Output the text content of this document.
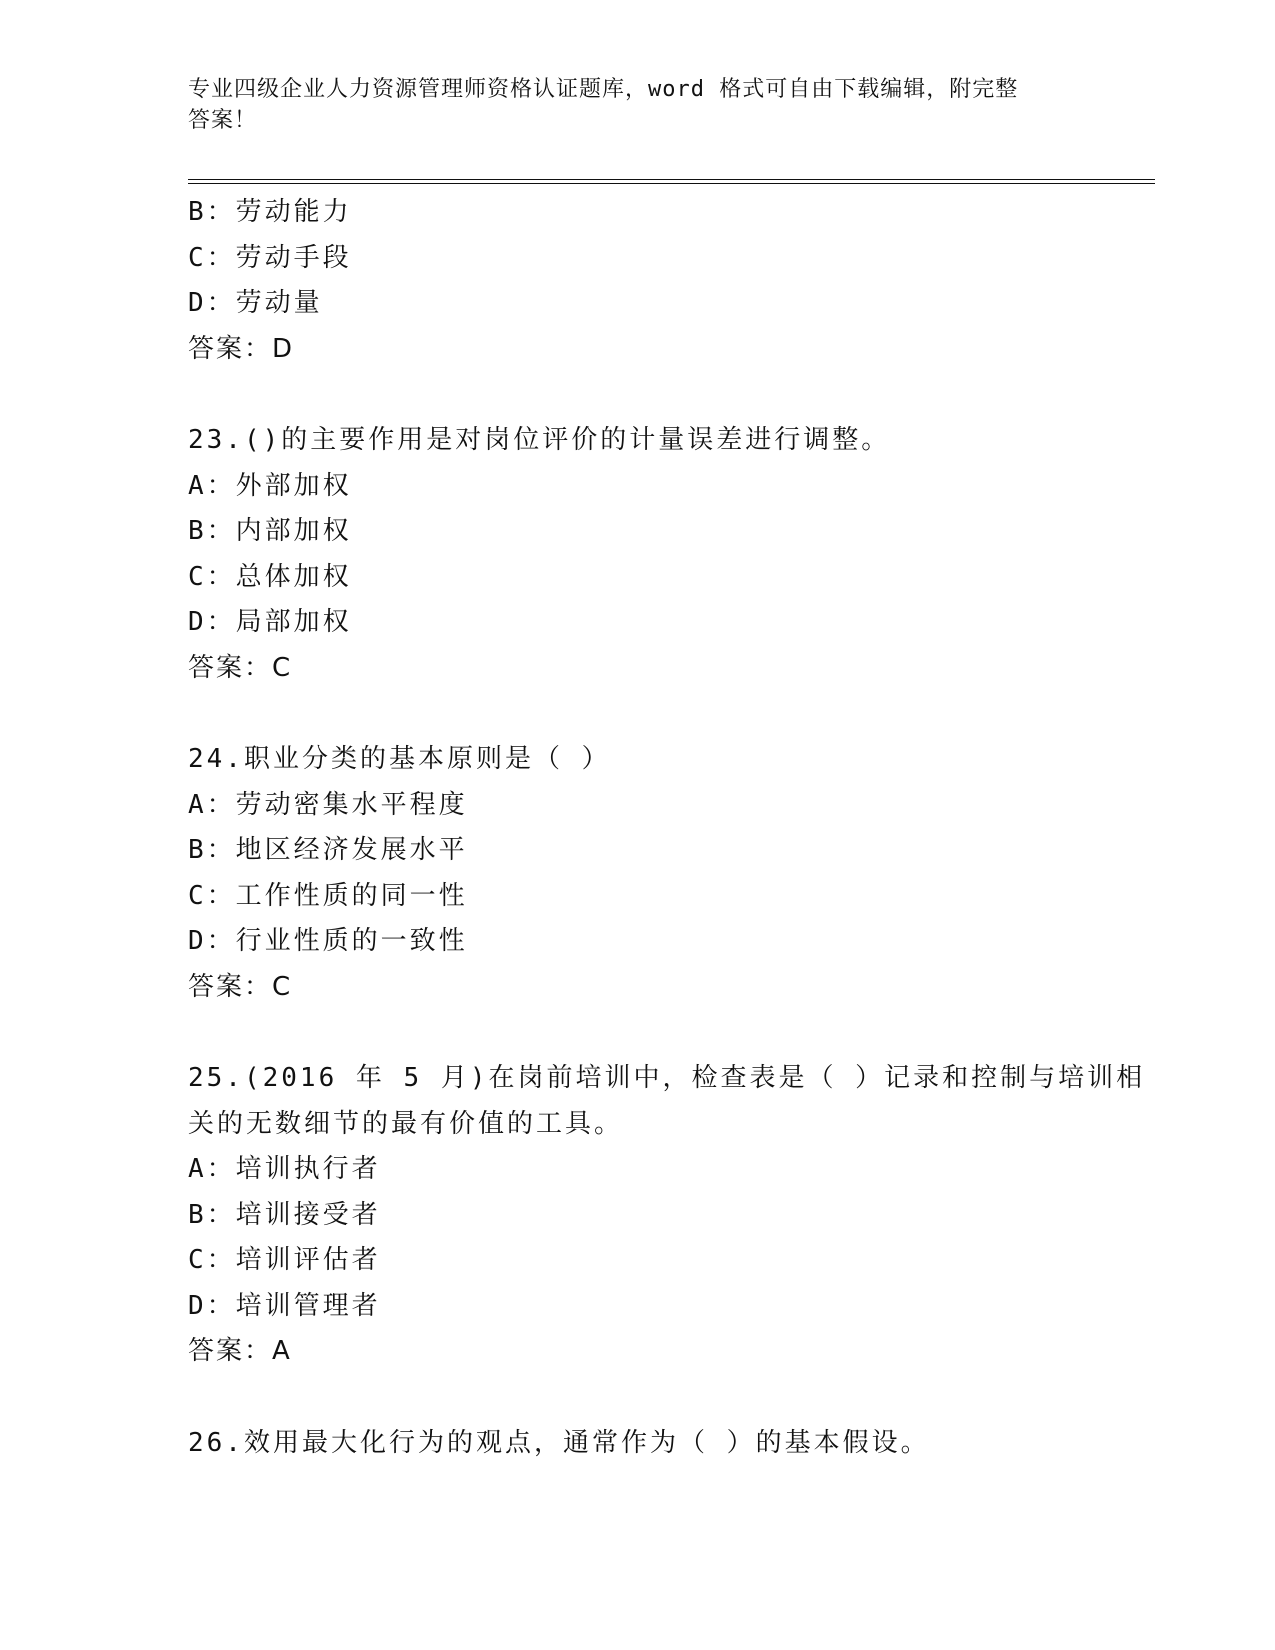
专业四级企业人力资源管理师资格认证题库，word 格式可自由下载编辑，附完整
答案！
B：劳动能力
C：劳动手段
D：劳动量
答案：D
23.()的主要作用是对岗位评价的计量误差进行调整。
A：外部加权
B：内部加权
C：总体加权
D：局部加权
答案：C
24.职业分类的基本原则是（ ）
A：劳动密集水平程度
B：地区经济发展水平
C：工作性质的同一性
D：行业性质的一致性
答案：C
25.(2016 年 5 月)在岗前培训中，检查表是（ ）记录和控制与培训相
关的无数细节的最有价值的工具。
A：培训执行者
B：培训接受者
C：培训评估者
D：培训管理者
答案：A
26.效用最大化行为的观点，通常作为（ ）的基本假设。
